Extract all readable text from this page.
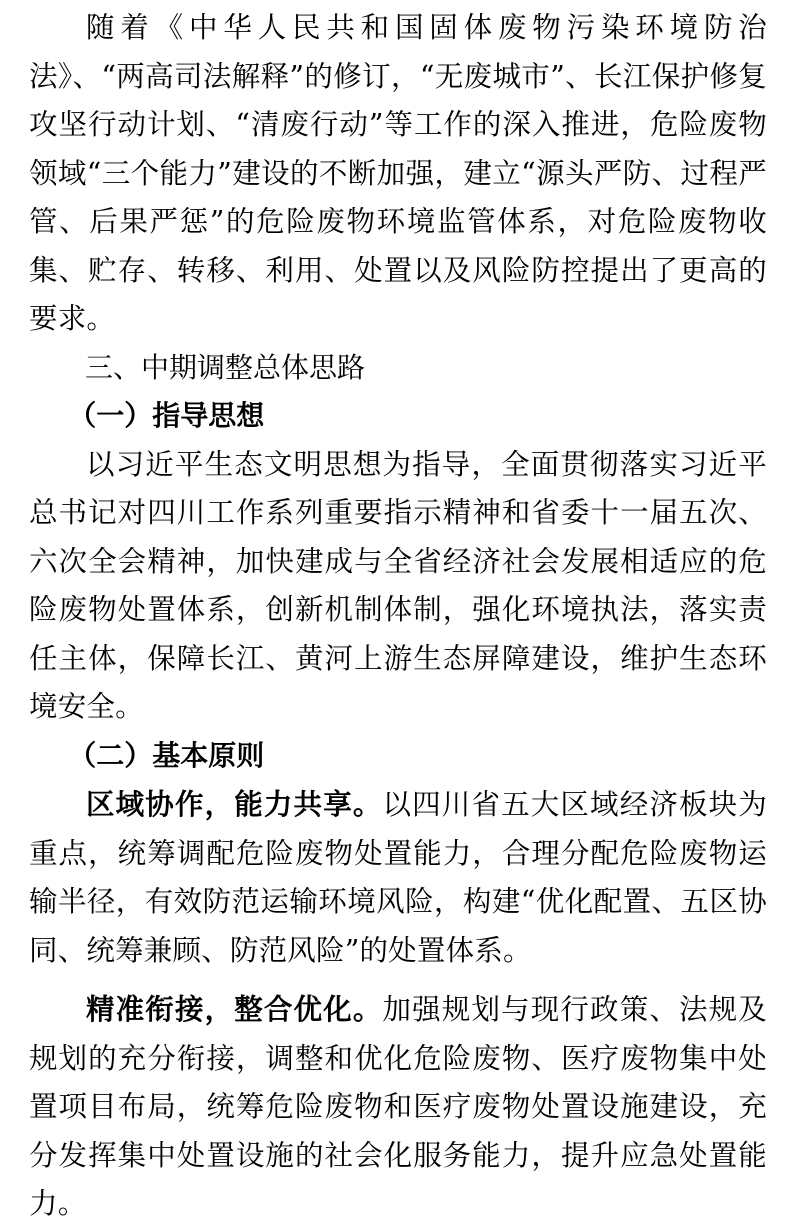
随着《中华人民共和国固体废物污染环境防治法》、“两高司法解释”的修订，“无废城市”、长江保护修复攻坚行动计划、“清废行动”等工作的深入推进，危险废物领域“三个能力”建设的不断加强，建立“源头严防、过程严管、后果严惩”的危险废物环境监管体系，对危险废物收集、贮存、转移、利用、处置以及风险防控提出了更高的要求。

三、中期调整总体思路
（一）指导思想

以习近平生态文明思想为指导，全面贯彻落实习近平总书记对四川工作系列重要指示精神和省委十一届五次、六次全会精神，加快建成与全省经济社会发展相适应的危险废物处置体系，创新机制体制，强化环境执法，落实责任主体，保障长江、黄河上游生态屏障建设，维护生态环境安全。

（二）基本原则

区域协作，能力共享。以四川省五大区域经济板块为重点，统筹调配危险废物处置能力，合理分配危险废物运输半径，有效防范运输环境风险，构建“优化配置、五区协同、统筹兼顾、防范风险”的处置体系。

精准衔接，整合优化。加强规划与现行政策、法规及规划的充分衔接，调整和优化危险废物、医疗废物集中处置项目布局，统筹危险废物和医疗废物处置设施建设，充分发挥集中处置设施的社会化服务能力，提升应急处置能力。
